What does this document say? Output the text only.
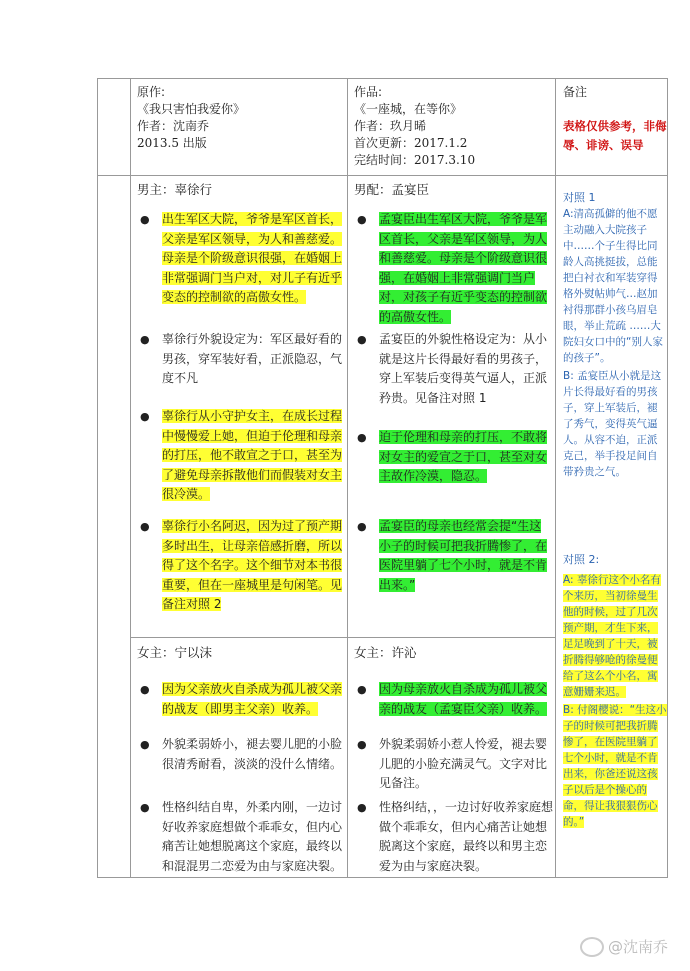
原作:
《我只害怕我爱你》
作者：沈南乔
2013.5 出版
作品:
《一座城，在等你》
作者：玖月晞
首次更新：2017.1.2
完结时间：2017.3.10
备注
表格仅供参考，非侮辱、诽谤、误导
男主：辜徐行	男配：孟宴臣
● 出生军区大院，爷爷是军区首长，父亲是军区领导，为人和善慈爱。母亲是个阶级意识很强，在婚姻上非常强调门当户对，对儿子有近乎变态的控制欲的高傲女性。
● 辜徐行外貌设定为：军区最好看的男孩，穿军装好看，正派隐忍，气度不凡
● 辜徐行从小守护女主，在成长过程中慢慢爱上她，但迫于伦理和母亲的打压，他不敢宣之于口，甚至为了避免母亲拆散他们而假装对女主很冷漠。
● 辜徐行小名阿迟，因为过了预产期多时出生，让母亲倍感折磨，所以得了这个名字。这个细节对本书很重要，但在一座城里是句闲笔。见备注对照 2
● 孟宴臣出生军区大院，爷爷是军区首长，父亲是军区领导，为人和善慈爱。母亲是个阶级意识很强，在婚姻上非常强调门当户对，对孩子有近乎变态的控制欲的高傲女性。
● 孟宴臣的外貌性格设定为：从小就是这片长得最好看的男孩子，穿上军装后变得英气逼人，正派矜贵。见备注对照 1
● 迫于伦理和母亲的打压，不敢将对女主的爱宣之于口，甚至对女主故作冷漠，隐忍。
● 孟宴臣的母亲也经常会提“生这小子的时候可把我折腾惨了，在医院里躺了七个小时，就是不肯出来。”
女主：宁以沫	女主：许沁
● 因为父亲放火自杀成为孤儿被父亲的战友（即男主父亲）收养。
● 外貌柔弱娇小，褪去婴儿肥的小脸很清秀耐看，淡淡的没什么情绪。
● 性格纠结自卑，外柔内刚，一边讨好收养家庭想做个乖乖女，但内心痛苦让她想脱离这个家庭，最终以和混混男二恋爱为由与家庭决裂。
● 因为母亲放火自杀成为孤儿被父亲的战友（孟宴臣父亲）收养。
● 外貌柔弱娇小惹人怜爱，褪去婴儿肥的小脸充满灵气。文字对比见备注。
● 性格纠结，，一边讨好收养家庭想做个乖乖女，但内心痛苦让她想脱离这个家庭，最终以和男主恋爱为由与家庭决裂。
对照 1
A:清高孤僻的他不愿主动融入大院孩子中……个子生得比同龄人高挑挺拔，总能把白衬衣和军装穿得格外熨帖帅气…赵加衬得那群小孩乌眉皂眼，举止荒疏 ……大院妇女口中的“别人家的孩子”。
B: 孟宴臣从小就是这片长得最好看的男孩子，穿上军装后，褪了秀气，变得英气逼人。从容不迫，正派克己，举手投足间自带矜贵之气。
对照 2:
A: 辜徐行这个小名有个来历，当初徐曼生他的时候，过了几次预产期，才生下来，足足晚到了十天，被折腾得够呛的徐曼便给了这么个小名，寓意姗姗来迟。
B: 付阁樱说：“生这小子的时候可把我折腾惨了，在医院里躺了七个小时，就是不肯出来，你爸还说这孩子以后是个操心的命，得让我狠狠伤心的。”
@沈南乔
